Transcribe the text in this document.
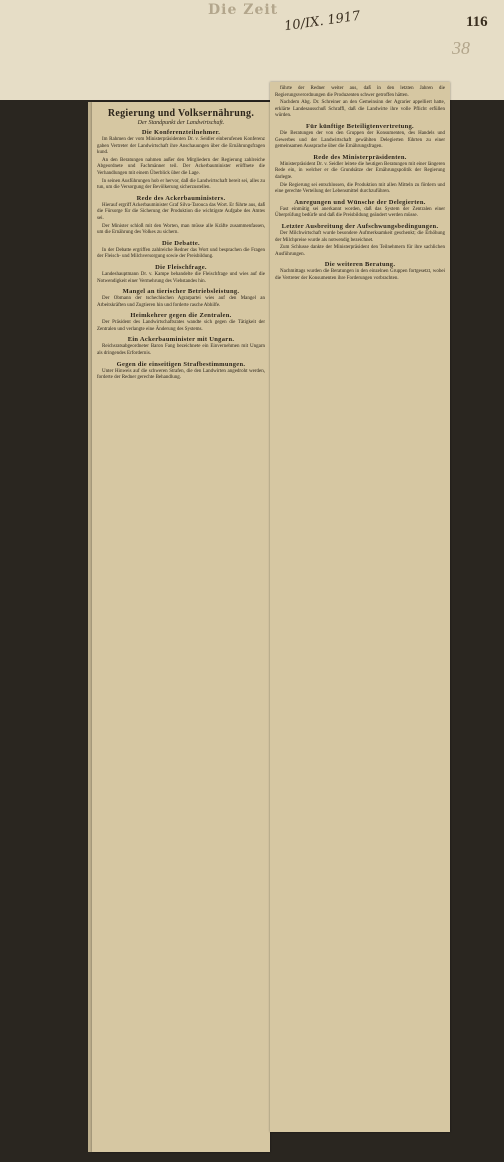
Die Zeit 10/IX. 1917	116
38
Regierung und Volksernährung.
Der Standpunkt der Landwirtschaft.
Die Konferenzteilnehmer.

Im Rahmen der vom Ministerpräsidenten Dr. v. Seidler einberufenen Konferenz gaben Vertreter der Landwirtschaft ihre Anschauungen über die Ernährungsfragen kund.

An den Beratungen nahmen außer den Mitgliedern der Regierung zahlreiche Abgeordnete und Fachmänner teil. Der Ackerbauminister eröffnete die Verhandlungen mit einem Überblick über die Lage.

In seinen Ausführungen hob er hervor, daß die Landwirtschaft bereit sei, alles zu tun, um die Versorgung der Bevölkerung sicherzustellen.

Rede des Ackerbauministers.

Hierauf ergriff Ackerbauminister Graf Silva-Tarouca das Wort. Er führte aus, daß die Fürsorge für die Sicherung der Produktion die wichtigste Aufgabe des Amtes sei.

Der Minister schloß mit den Worten, man müsse alle Kräfte zusammenfassen, um die Ernährung des Volkes zu sichern.

Die Debatte.

In der Debatte ergriffen zahlreiche Redner das Wort und besprachen die Fragen der Fleisch- und Milchversorgung sowie der Preisbildung.

Die Fleischfrage.

Landeshauptmann Dr. v. Kampe behandelte die Fleischfrage und wies auf die Notwendigkeit einer Vermehrung des Viehstandes hin.

Mangel an tierischer Betriebsleistung.

Der Obmann der tschechischen Agrarpartei wies auf den Mangel an Arbeitskräften und Zugtieren hin und forderte rasche Abhilfe.

Heimkehrer gegen die Zentralen.

Der Präsident des Landwirtschaftsrates wandte sich gegen die Tätigkeit der Zentralen und verlangte eine Änderung des Systems.

Ein Ackerbauminister mit Ungarn.

Reichsratsabgeordneter Baron Fang bezeichnete ein Einvernehmen mit Ungarn als dringendes Erfordernis.

Gegen die einseitigen Strafbestimmungen.

Unter Hinweis auf die schweren Strafen, die den Landwirten angedroht werden, forderte der Redner gerechte Behandlung.

führte der Redner weiter aus, daß in den letzten Jahren die Regierungsverordnungen die Produzenten schwer getroffen hätten.

Nachdem Abg. Dr. Schreiner an den Gemeinsinn der Agrarier appelliert hatte, erklärte Landesausschuß Schraffl, daß die Landwirte ihre volle Pflicht erfüllen würden.

Für künftige Beteiligtenvertretung.

Die Beratungen der von den Gruppen der Konsumenten, des Handels und Gewerbes und der Landwirtschaft gewählten Delegierten führten zu einer gemeinsamen Aussprache über die Ernährungsfragen.

Rede des Ministerpräsidenten.

Ministerpräsident Dr. v. Seidler leitete die heutigen Beratungen mit einer längeren Rede ein, in welcher er die Grundsätze der Ernährungspolitik der Regierung darlegte.

Die Regierung sei entschlossen, die Produktion mit allen Mitteln zu fördern und eine gerechte Verteilung der Lebensmittel durchzuführen.

Anregungen und Wünsche der Delegierten.

Fast einmütig sei anerkannt worden, daß das System der Zentralen einer Überprüfung bedürfe und daß die Preisbildung geändert werden müsse.

Letzter Ausbreitung der Aufschwungsbedingungen.

Der Milchwirtschaft wurde besondere Aufmerksamkeit geschenkt; die Erhöhung der Milchpreise wurde als notwendig bezeichnet.

Zum Schlusse dankte der Ministerpräsident den Teilnehmern für ihre sachlichen Ausführungen.

Die weiteren Beratung.

Nachmittags wurden die Beratungen in den einzelnen Gruppen fortgesetzt, wobei die Vertreter der Konsumenten ihre Forderungen vorbrachten.
